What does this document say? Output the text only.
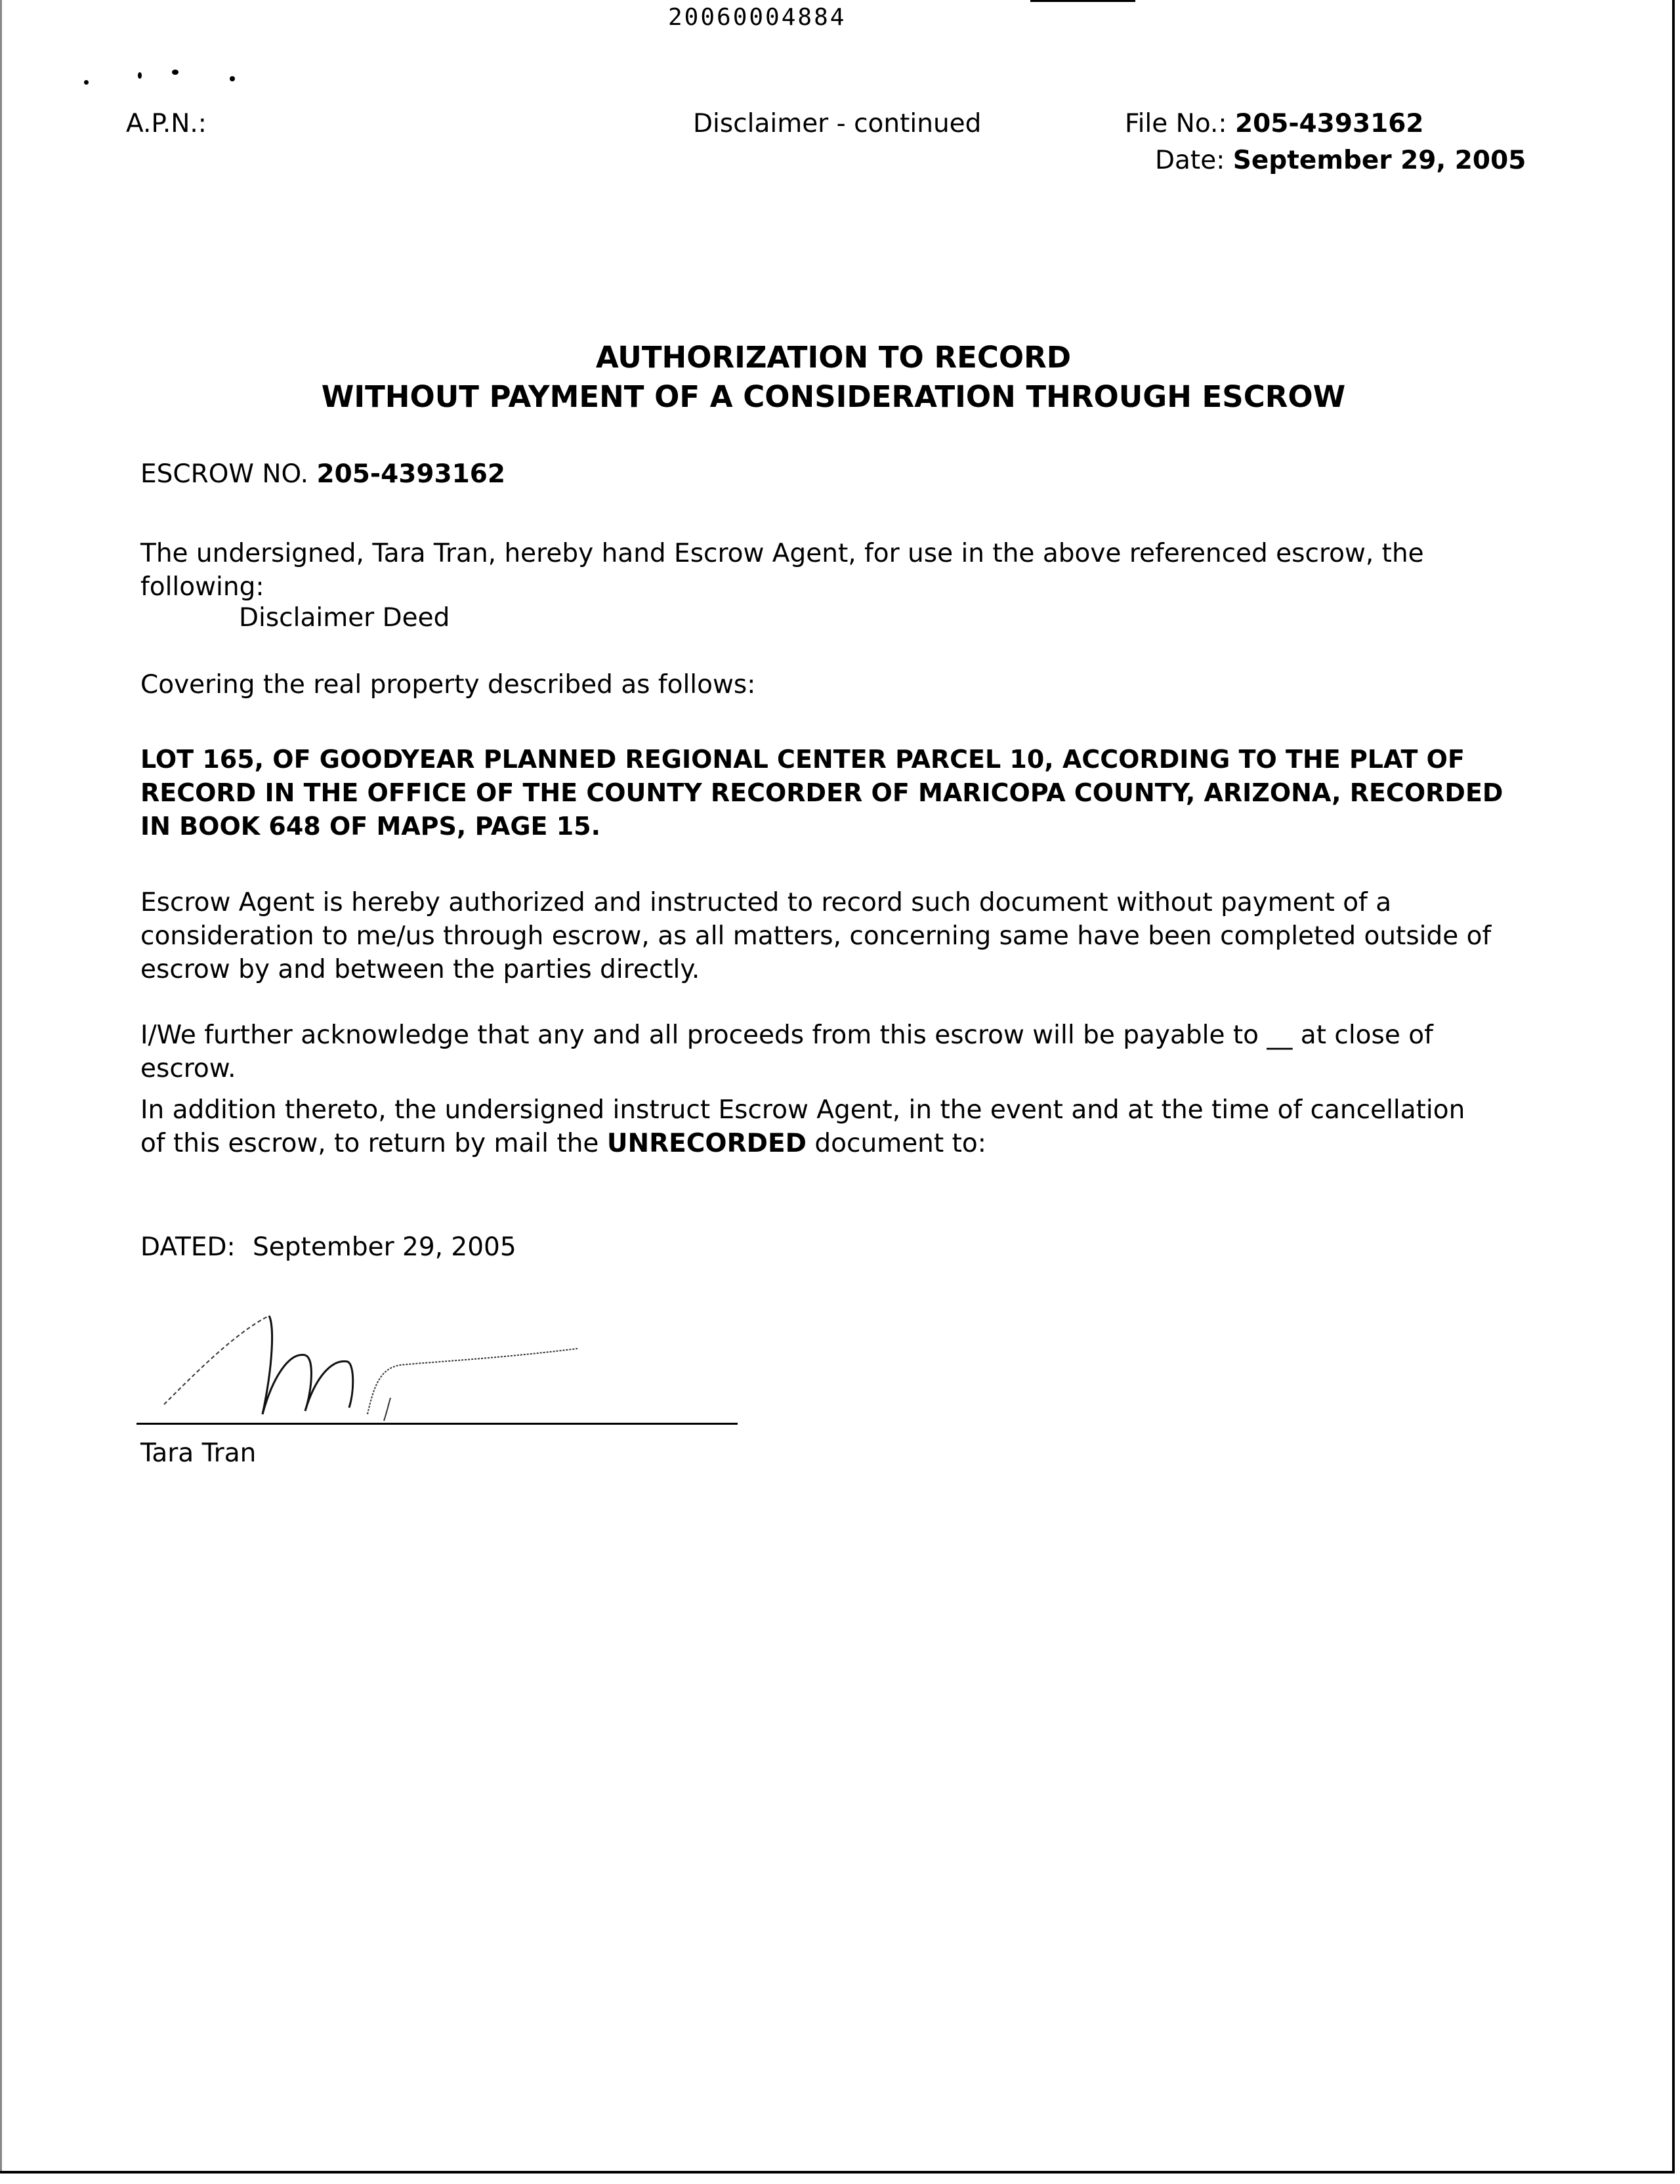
20060004884
A.P.N.:	Disclaimer - continued	File No.: 205-4393162
Date: September 29, 2005
AUTHORIZATION TO RECORD
WITHOUT PAYMENT OF A CONSIDERATION THROUGH ESCROW
ESCROW NO. 205-4393162
The undersigned, Tara Tran, hereby hand Escrow Agent, for use in the above referenced escrow, the following:
Disclaimer Deed
Covering the real property described as follows:
LOT 165, OF GOODYEAR PLANNED REGIONAL CENTER PARCEL 10, ACCORDING TO THE PLAT OF RECORD IN THE OFFICE OF THE COUNTY RECORDER OF MARICOPA COUNTY, ARIZONA, RECORDED IN BOOK 648 OF MAPS, PAGE 15.
Escrow Agent is hereby authorized and instructed to record such document without payment of a consideration to me/us through escrow, as all matters, concerning same have been completed outside of escrow by and between the parties directly.
I/We further acknowledge that any and all proceeds from this escrow will be payable to __ at close of escrow.
In addition thereto, the undersigned instruct Escrow Agent, in the event and at the time of cancellation of this escrow, to return by mail the UNRECORDED document to:
DATED: September 29, 2005
Tara Tran
